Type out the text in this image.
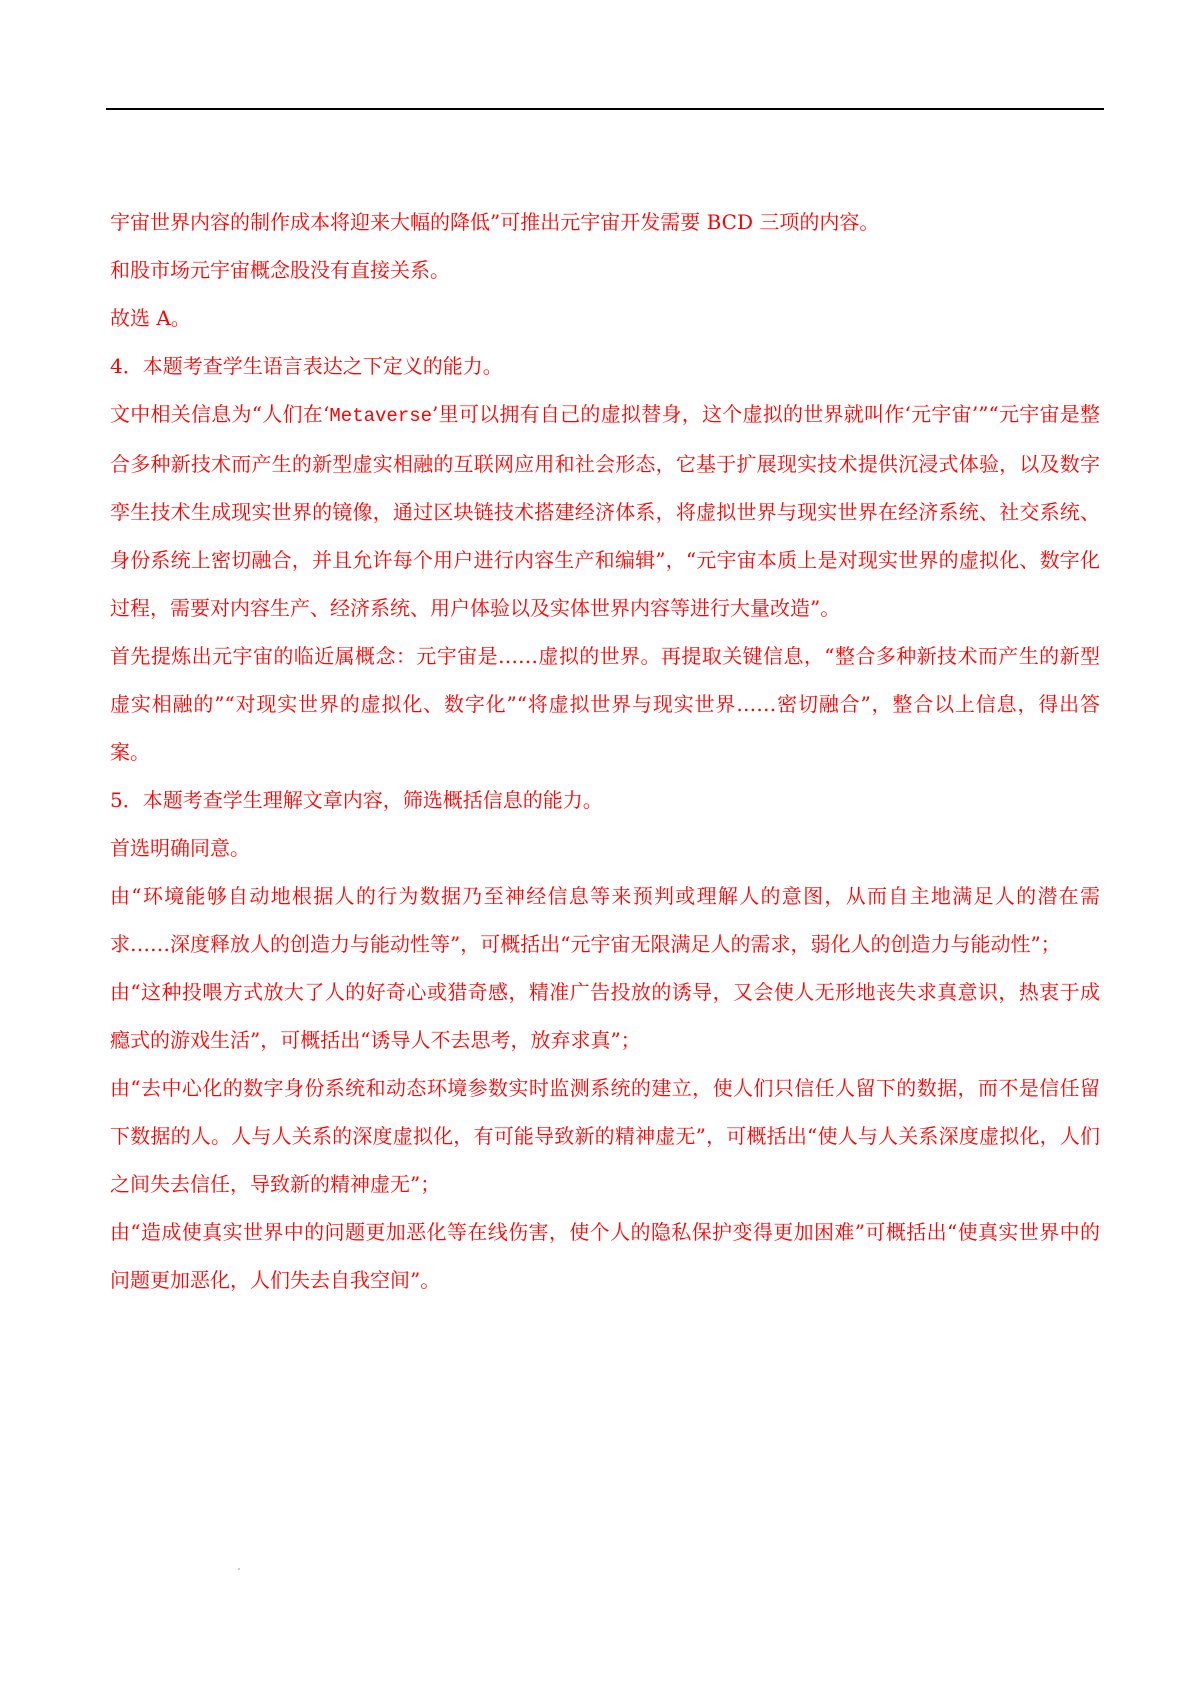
宇宙世界内容的制作成本将迎来大幅的降低”可推出元宇宙开发需要 BCD 三项的内容。

和股市场元宇宙概念股没有直接关系。

故选 A。

4．本题考查学生语言表达之下定义的能力。

文中相关信息为“人们在‘Metaverse’里可以拥有自己的虚拟替身，这个虚拟的世界就叫作‘元宇宙’”“元宇宙是整合多种新技术而产生的新型虚实相融的互联网应用和社会形态，它基于扩展现实技术提供沉浸式体验，以及数字孪生技术生成现实世界的镜像，通过区块链技术搭建经济体系，将虚拟世界与现实世界在经济系统、社交系统、身份系统上密切融合，并且允许每个用户进行内容生产和编辑”，“元宇宙本质上是对现实世界的虚拟化、数字化过程，需要对内容生产、经济系统、用户体验以及实体世界内容等进行大量改造”。

首先提炼出元宇宙的临近属概念：元宇宙是……虚拟的世界。再提取关键信息，“整合多种新技术而产生的新型虚实相融的”“对现实世界的虚拟化、数字化”“将虚拟世界与现实世界……密切融合”，整合以上信息，得出答案。

5．本题考查学生理解文章内容，筛选概括信息的能力。

首选明确同意。

由“环境能够自动地根据人的行为数据乃至神经信息等来预判或理解人的意图，从而自主地满足人的潜在需求……深度释放人的创造力与能动性等”，可概括出“元宇宙无限满足人的需求，弱化人的创造力与能动性”；

由“这种投喂方式放大了人的好奇心或猎奇感，精准广告投放的诱导，又会使人无形地丧失求真意识，热衷于成瘾式的游戏生活”，可概括出“诱导人不去思考，放弃求真”；

由“去中心化的数字身份系统和动态环境参数实时监测系统的建立，使人们只信任人留下的数据，而不是信任留下数据的人。人与人关系的深度虚拟化，有可能导致新的精神虚无”，可概括出“使人与人关系深度虚拟化，人们之间失去信任，导致新的精神虚无”；

由“造成使真实世界中的问题更加恶化等在线伤害，使个人的隐私保护变得更加困难”可概括出“使真实世界中的问题更加恶化，人们失去自我空间”。
